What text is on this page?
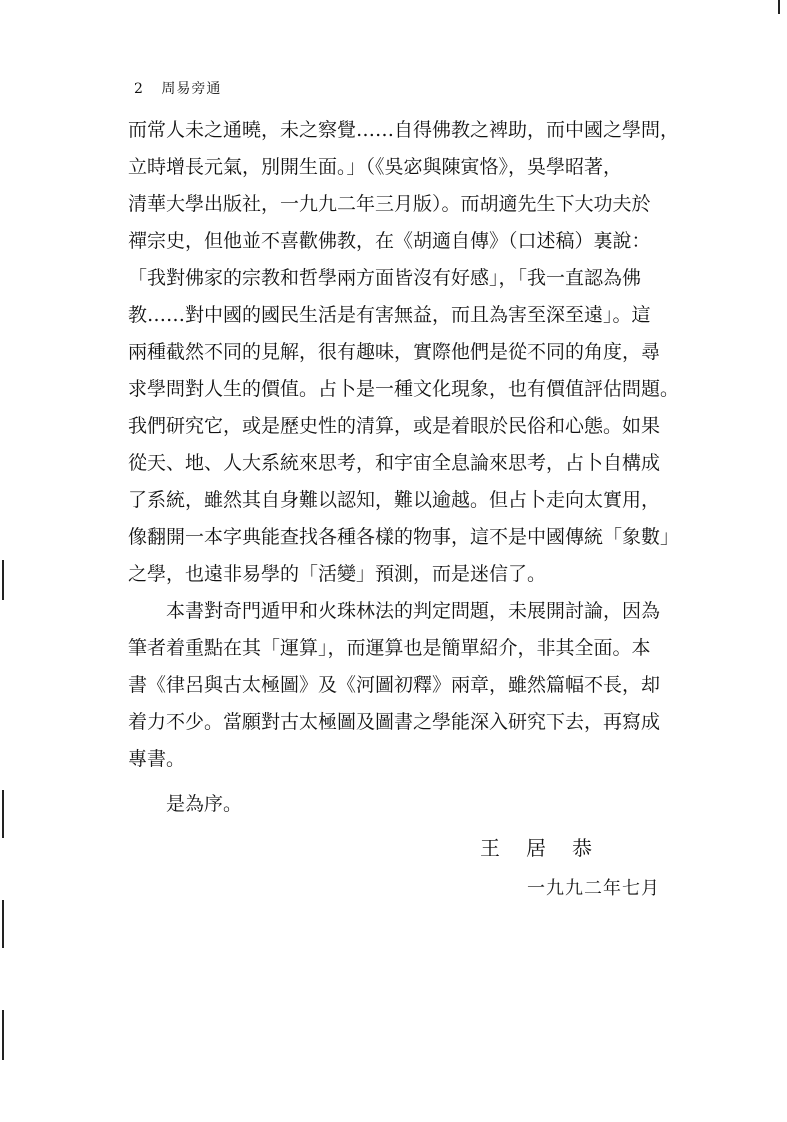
2 周易旁通
而常人未之通曉，未之察覺……自得佛教之裨助，而中國之學問，
立時增長元氣，別開生面。」（《吳宓與陳寅恪》，吳學昭著，
清華大學出版社，一九九二年三月版）。而胡適先生下大功夫於
禪宗史，但他並不喜歡佛教，在《胡適自傳》（口述稿）裏說：
「我對佛家的宗教和哲學兩方面皆沒有好感」，「我一直認為佛
教……對中國的國民生活是有害無益，而且為害至深至遠」。這
兩種截然不同的見解，很有趣味，實際他們是從不同的角度，尋
求學問對人生的價值。占卜是一種文化現象，也有價值評估問題。
我們研究它，或是歷史性的清算，或是着眼於民俗和心態。如果
從天、地、人大系統來思考，和宇宙全息論來思考，占卜自構成
了系統，雖然其自身難以認知，難以逾越。但占卜走向太實用，
像翻開一本字典能查找各種各樣的物事，這不是中國傳統「象數」
之學，也遠非易學的「活變」預測，而是迷信了。
本書對奇門遁甲和火珠林法的判定問題，未展開討論，因為
筆者着重點在其「運算」，而運算也是簡單紹介，非其全面。本
書《律呂與古太極圖》及《河圖初釋》兩章，雖然篇幅不長，却
着力不少。當願對古太極圖及圖書之學能深入研究下去，再寫成
專書。
是為序。
王居恭
一九九二年七月
